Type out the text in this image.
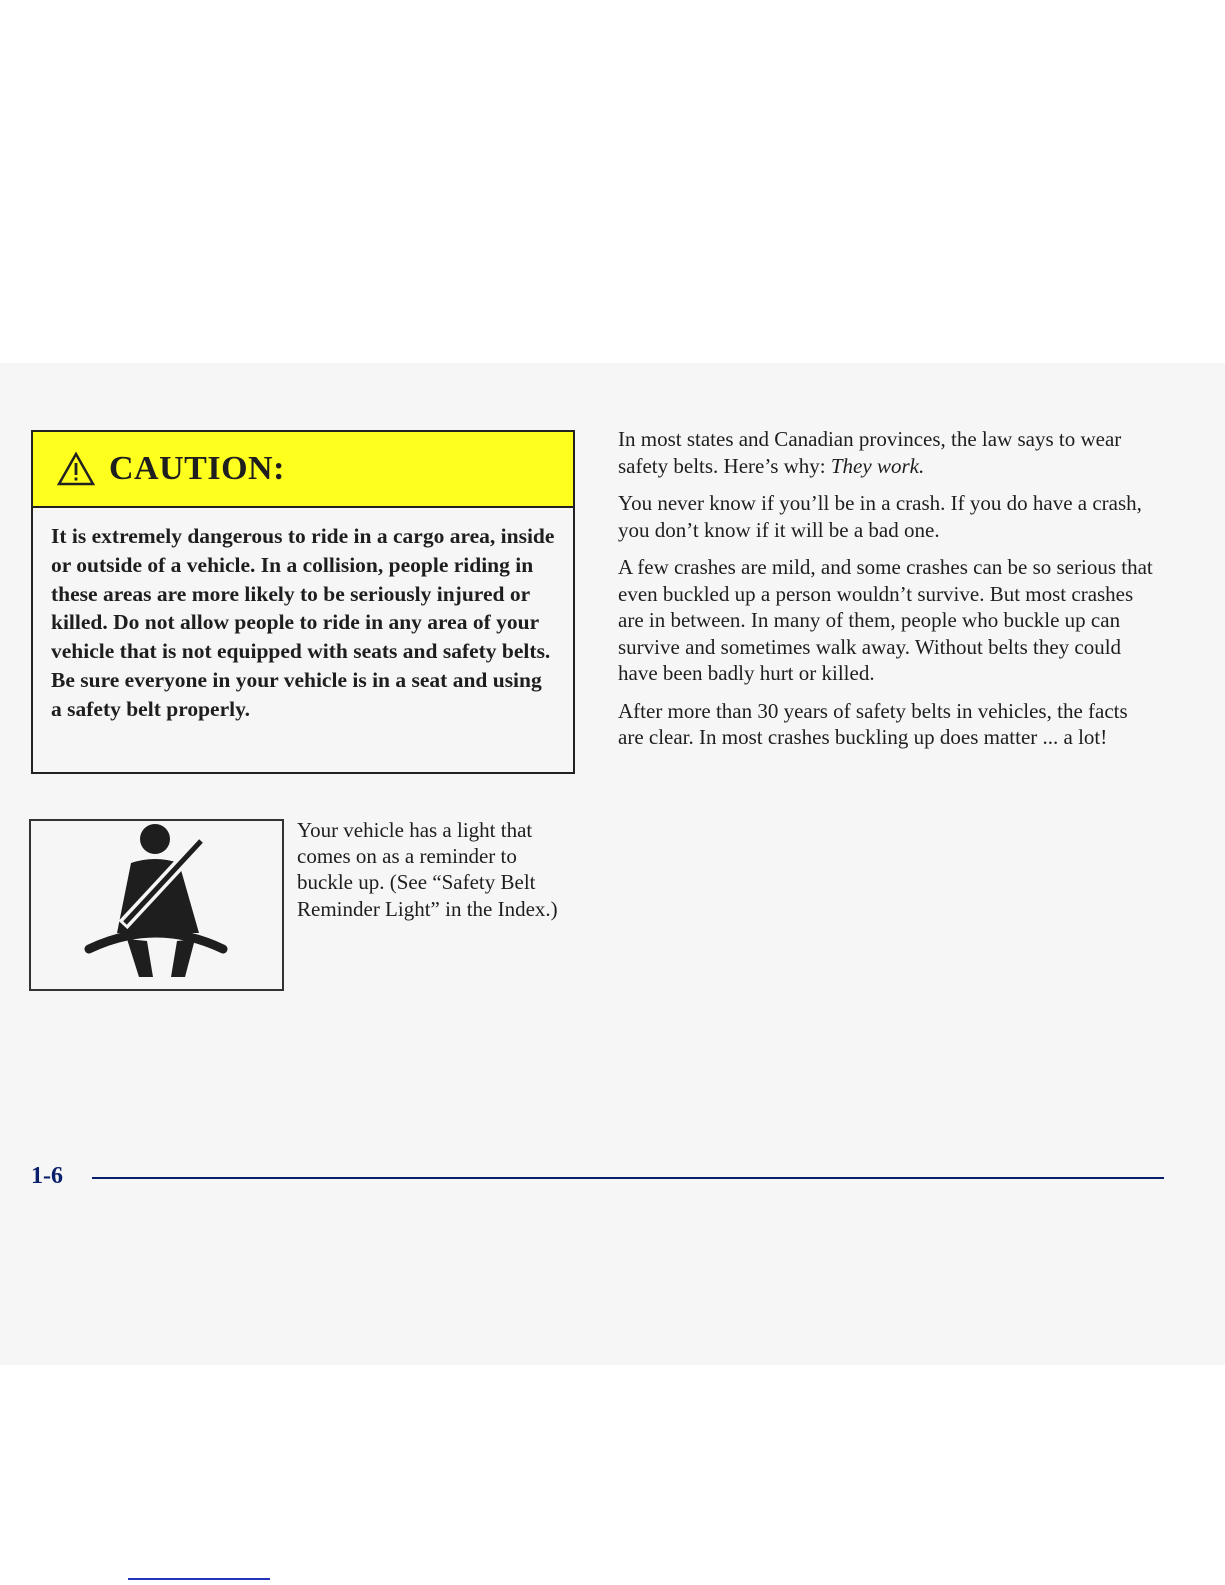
CAUTION:
It is extremely dangerous to ride in a cargo area, inside or outside of a vehicle. In a collision, people riding in these areas are more likely to be seriously injured or killed. Do not allow people to ride in any area of your vehicle that is not equipped with seats and safety belts. Be sure everyone in your vehicle is in a seat and using a safety belt properly.

In most states and Canadian provinces, the law says to wear safety belts. Here’s why: They work.

You never know if you’ll be in a crash. If you do have a crash, you don’t know if it will be a bad one.

A few crashes are mild, and some crashes can be so serious that even buckled up a person wouldn’t survive. But most crashes are in between. In many of them, people who buckle up can survive and sometimes walk away. Without belts they could have been badly hurt or killed.

After more than 30 years of safety belts in vehicles, the facts are clear. In most crashes buckling up does matter ... a lot!

Your vehicle has a light that comes on as a reminder to buckle up. (See “Safety Belt Reminder Light” in the Index.)
1-6
